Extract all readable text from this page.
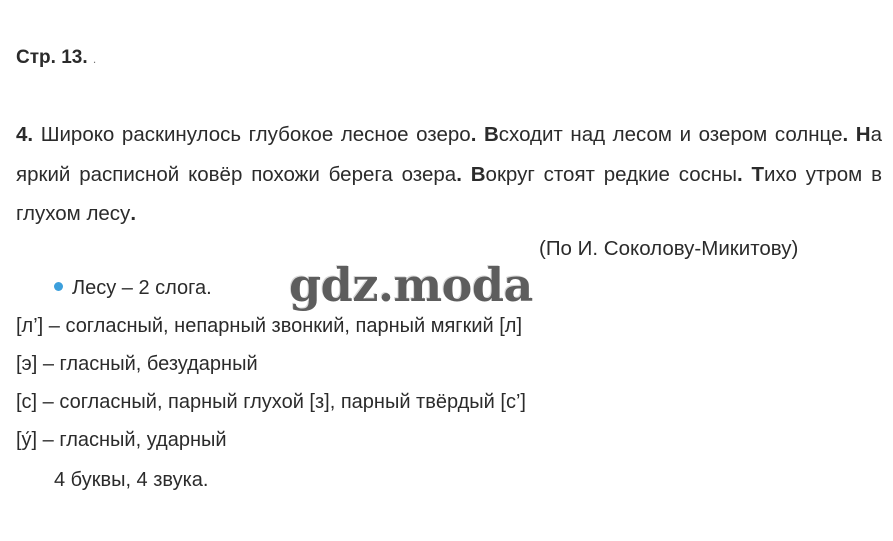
Стр. 13. .
4. Широко раскинулось глубокое лесное озеро. Всходит над лесом и озером солнце. На яркий расписной ковёр похожи берега озера. Вокруг стоят редкие сосны. Тихо утром в глухом лесу.
(По И. Соколову-Микитову)
Лесу – 2 слога. gdz.moda
[л’] – согласный, непарный звонкий, парный мягкий [л]
[э] – гласный, безударный
[с] – согласный, парный глухой [з], парный твёрдый [с’]
[у́] – гласный, ударный
4 буквы, 4 звука.
